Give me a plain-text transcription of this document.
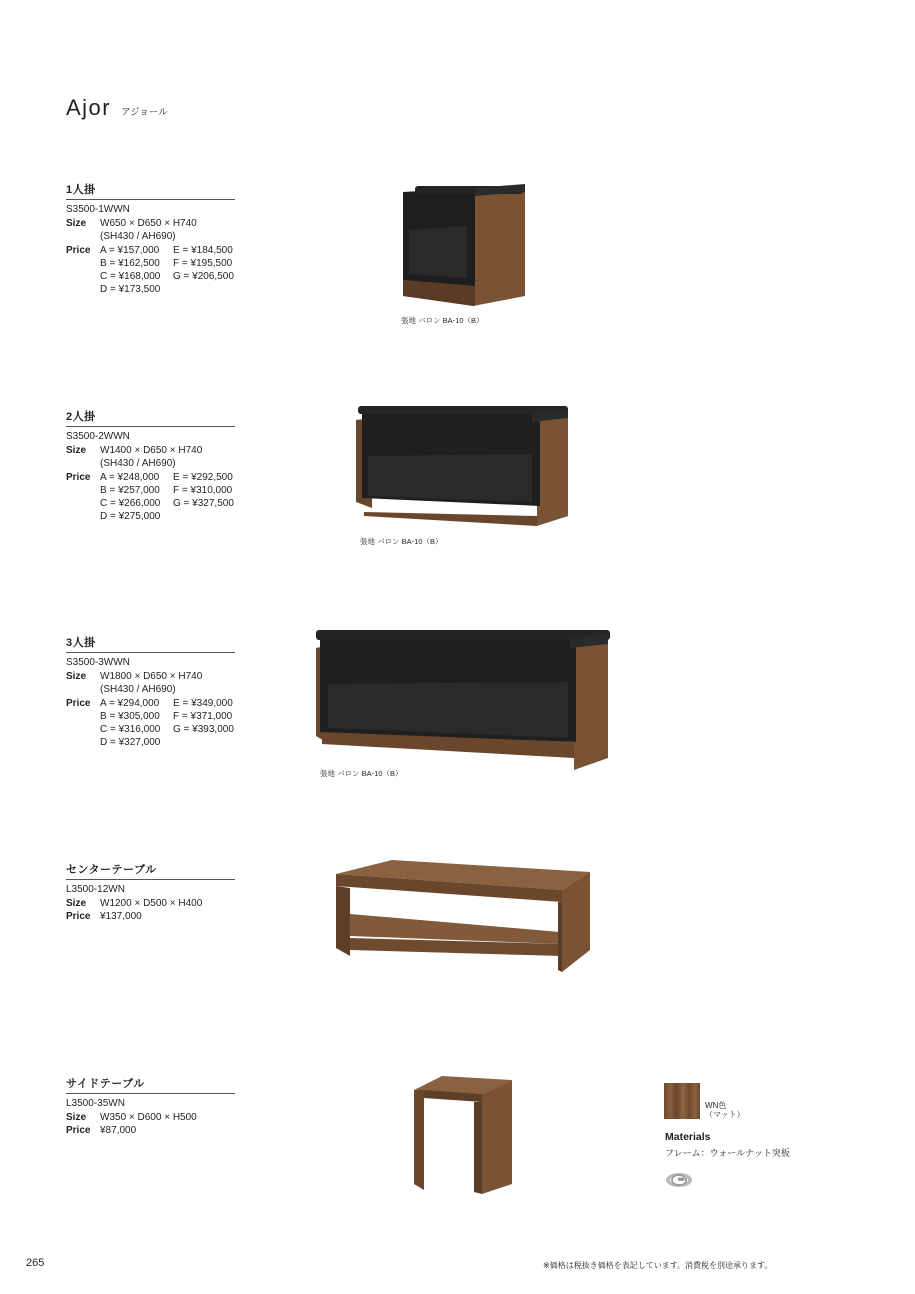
Ajor アジョール
1人掛
S3500-1WWN
Size	W650 × D650 × H740
(SH430 / AH690)
Price A = ¥157,000	E = ¥184,500
B = ¥162,500	F = ¥195,500
C = ¥168,000	G = ¥206,500
D = ¥173,500
2人掛
S3500-2WWN
Size	W1400 × D650 × H740
(SH430 / AH690)
Price A = ¥248,000	E = ¥292,500
B = ¥257,000	F = ¥310,000
C = ¥266,000	G = ¥327,500
D = ¥275,000
3人掛
S3500-3WWN
Size	W1800 × D650 × H740
(SH430 / AH690)
Price A = ¥294,000	E = ¥349,000
B = ¥305,000	F = ¥371,000
C = ¥316,000	G = ¥393,000
D = ¥327,000
センターテーブル
L3500-12WN
Size	W1200 × D500 × H400
Price ¥137,000
サイドテーブル
L3500-35WN
Size	W350 × D600 × H500
Price ¥87,000
張地 バロン BA-10（B）
張地 バロン BA-10（B）
張地 バロン BA-10（B）
WN色
（マット）
Materials
フレーム：ウォールナット突板
265	※価格は税抜き価格を表記しています。消費税を別途承ります。
